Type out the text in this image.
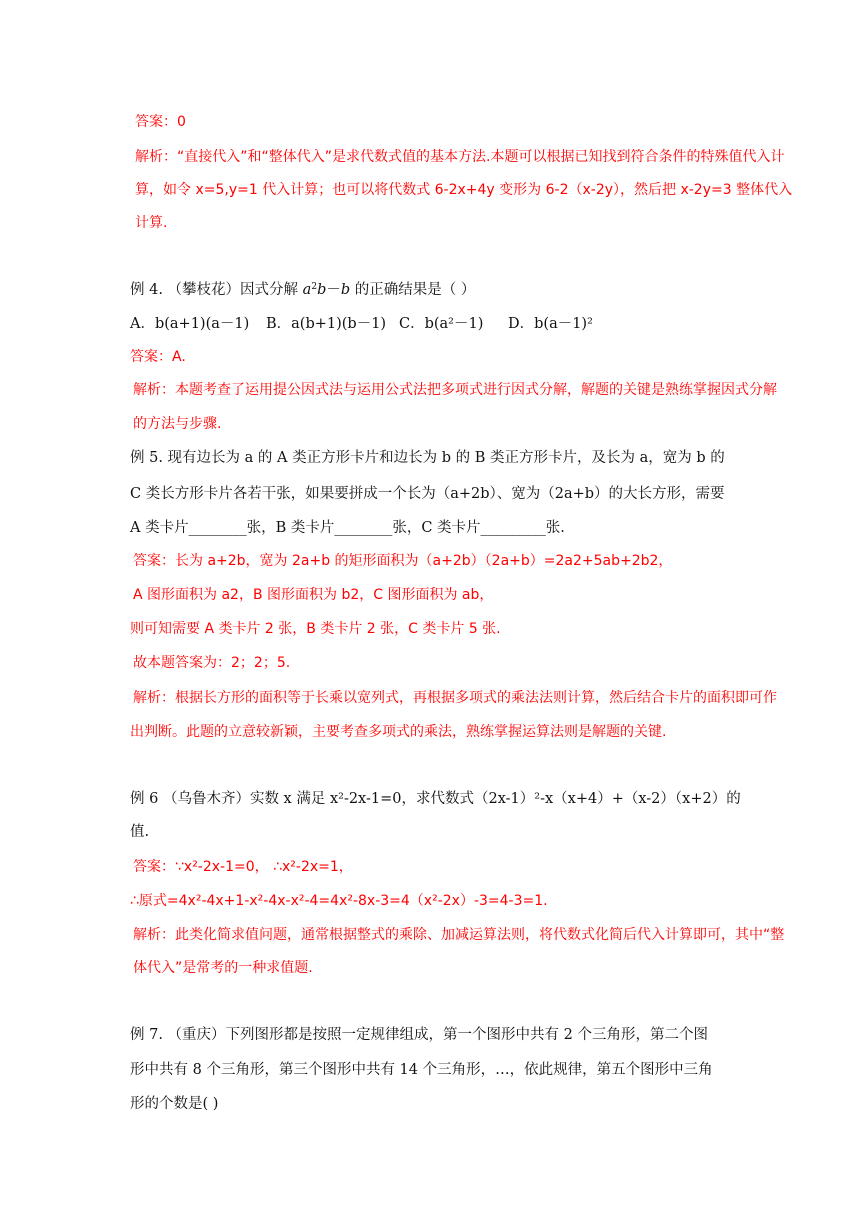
答案：0
解析：“直接代入”和“整体代入”是求代数式值的基本方法.本题可以根据已知找到符合条件的特殊值代入计
算，如令 x=5,y=1 代入计算；也可以将代数式 6-2x+4y 变形为 6-2（x-2y），然后把 x-2y=3 整体代入
计算.
例 4. （攀枝花）因式分解 $a^2b-b$ 的正确结果是（ ）
A．b(a+1)(a－1) B．a(b+1)(b－1) C．b(a²－1) D．b(a－1)²
答案：A.
解析：本题考查了运用提公因式法与运用公式法把多项式进行因式分解，解题的关键是熟练掌握因式分解
的方法与步骤.
例 5. 现有边长为 a 的 A 类正方形卡片和边长为 b 的 B 类正方形卡片，及长为 a，宽为 b 的
C 类长方形卡片各若干张，如果要拼成一个长为（a+2b）、宽为（2a+b）的大长方形，需要
A 类卡片________张，B 类卡片________张，C 类卡片_________张.
答案：长为 a+2b，宽为 2a+b 的矩形面积为（a+2b）（2a+b）=2a2+5ab+2b2，
A 图形面积为 a2，B 图形面积为 b2，C 图形面积为 ab，
则可知需要 A 类卡片 2 张，B 类卡片 2 张，C 类卡片 5 张.
故本题答案为：2；2；5.
解析：根据长方形的面积等于长乘以宽列式，再根据多项式的乘法法则计算，然后结合卡片的面积即可作
出判断。此题的立意较新颖，主要考查多项式的乘法，熟练掌握运算法则是解题的关键.
例 6 （乌鲁木齐）实数 x 满足 x²-2x-1=0，求代数式（2x-1）²-x（x+4）+（x-2）（x+2）的
值.
答案：∵x²-2x-1=0， ∴x²-2x=1，
∴原式=4x²-4x+1-x²-4x-x²-4=4x²-8x-3=4（x²-2x）-3=4-3=1.
解析：此类化简求值问题，通常根据整式的乘除、加减运算法则，将代数式化简后代入计算即可，其中“整
体代入”是常考的一种求值题.
例 7. （重庆）下列图形都是按照一定规律组成，第一个图形中共有 2 个三角形，第二个图
形中共有 8 个三角形，第三个图形中共有 14 个三角形，…，依此规律，第五个图形中三角
形的个数是( )
